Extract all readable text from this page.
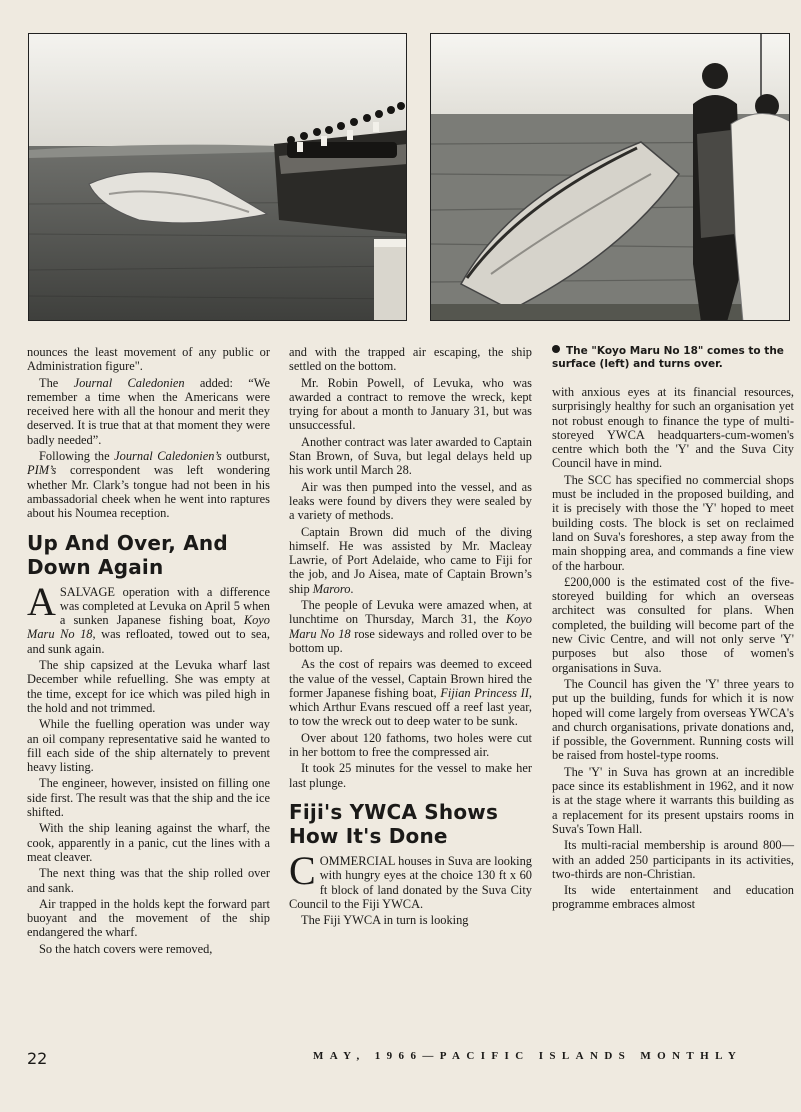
nounces the least movement of any public or Administration figure".

The Journal Caledonien added: “We remember a time when the Americans were received here with all the honour and merit they deserved. It is true that at that moment they were badly needed”.

Following the Journal Caledonien’s outburst, PIM’s correspondent was left wondering whether Mr. Clark’s tongue had not been in his ambassadorial cheek when he went into raptures about his Noumea reception.

Up And Over, And Down Again

ASALVAGE operation with a difference was completed at Levuka on April 5 when a sunken Japanese fishing boat, Koyo Maru No 18, was refloated, towed out to sea, and sunk again.

The ship capsized at the Levuka wharf last December while refuelling. She was empty at the time, except for ice which was piled high in the hold and not trimmed.

While the fuelling operation was under way an oil company representative said he wanted to fill each side of the ship alternately to prevent heavy listing.

The engineer, however, insisted on filling one side first. The result was that the ship and the ice shifted.

With the ship leaning against the wharf, the cook, apparently in a panic, cut the lines with a meat cleaver.

The next thing was that the ship rolled over and sank.

Air trapped in the holds kept the forward part buoyant and the movement of the ship endangered the wharf.

So the hatch covers were removed,

and with the trapped air escaping, the ship settled on the bottom.

Mr. Robin Powell, of Levuka, who was awarded a contract to remove the wreck, kept trying for about a month to January 31, but was unsuccessful.

Another contract was later awarded to Captain Stan Brown, of Suva, but legal delays held up his work until March 28.

Air was then pumped into the vessel, and as leaks were found by divers they were sealed by a variety of methods.

Captain Brown did much of the diving himself. He was assisted by Mr. Macleay Lawrie, of Port Adelaide, who came to Fiji for the job, and Jo Aisea, mate of Captain Brown’s ship Maroro.

The people of Levuka were amazed when, at lunchtime on Thursday, March 31, the Koyo Maru No 18 rose sideways and rolled over to be bottom up.

As the cost of repairs was deemed to exceed the value of the vessel, Captain Brown hired the former Japanese fishing boat, Fijian Princess II, which Arthur Evans rescued off a reef last year, to tow the wreck out to deep water to be sunk.

Over about 120 fathoms, two holes were cut in her bottom to free the compressed air.

It took 25 minutes for the vessel to make her last plunge.

Fiji's YWCA Shows How It's Done

COMMERCIAL houses in Suva are looking with hungry eyes at the choice 130 ft x 60 ft block of land donated by the Suva City Council to the Fiji YWCA.

The Fiji YWCA in turn is looking

The "Koyo Maru No 18" comes to the surface (left) and turns over.

with anxious eyes at its financial resources, surprisingly healthy for such an organisation yet not robust enough to finance the type of multi-storeyed YWCA headquarters-cum-women's centre which both the 'Y' and the Suva City Council have in mind.

The SCC has specified no commercial shops must be included in the proposed building, and it is precisely with those the 'Y' hoped to meet building costs. The block is set on reclaimed land on Suva's foreshores, a step away from the main shopping area, and commands a fine view of the harbour.

£200,000 is the estimated cost of the five-storeyed building for which an overseas architect was consulted for plans. When completed, the building will become part of the new Civic Centre, and will not only serve 'Y' purposes but also those of women's organisations in Suva.

The Council has given the 'Y' three years to put up the building, funds for which it is now hoped will come largely from overseas YWCA's and church organisations, private donations and, if possible, the Government. Running costs will be raised from hostel-type rooms.

The 'Y' in Suva has grown at an incredible pace since its establishment in 1962, and it now is at the stage where it warrants this building as a replacement for its present upstairs rooms in Suva's Town Hall.

Its multi-racial membership is around 800—with an added 250 participants in its activities, two-thirds are non-Christian.

Its wide entertainment and education programme embraces almost

22	MAY, 1966—PACIFIC ISLANDS MONTHLY
